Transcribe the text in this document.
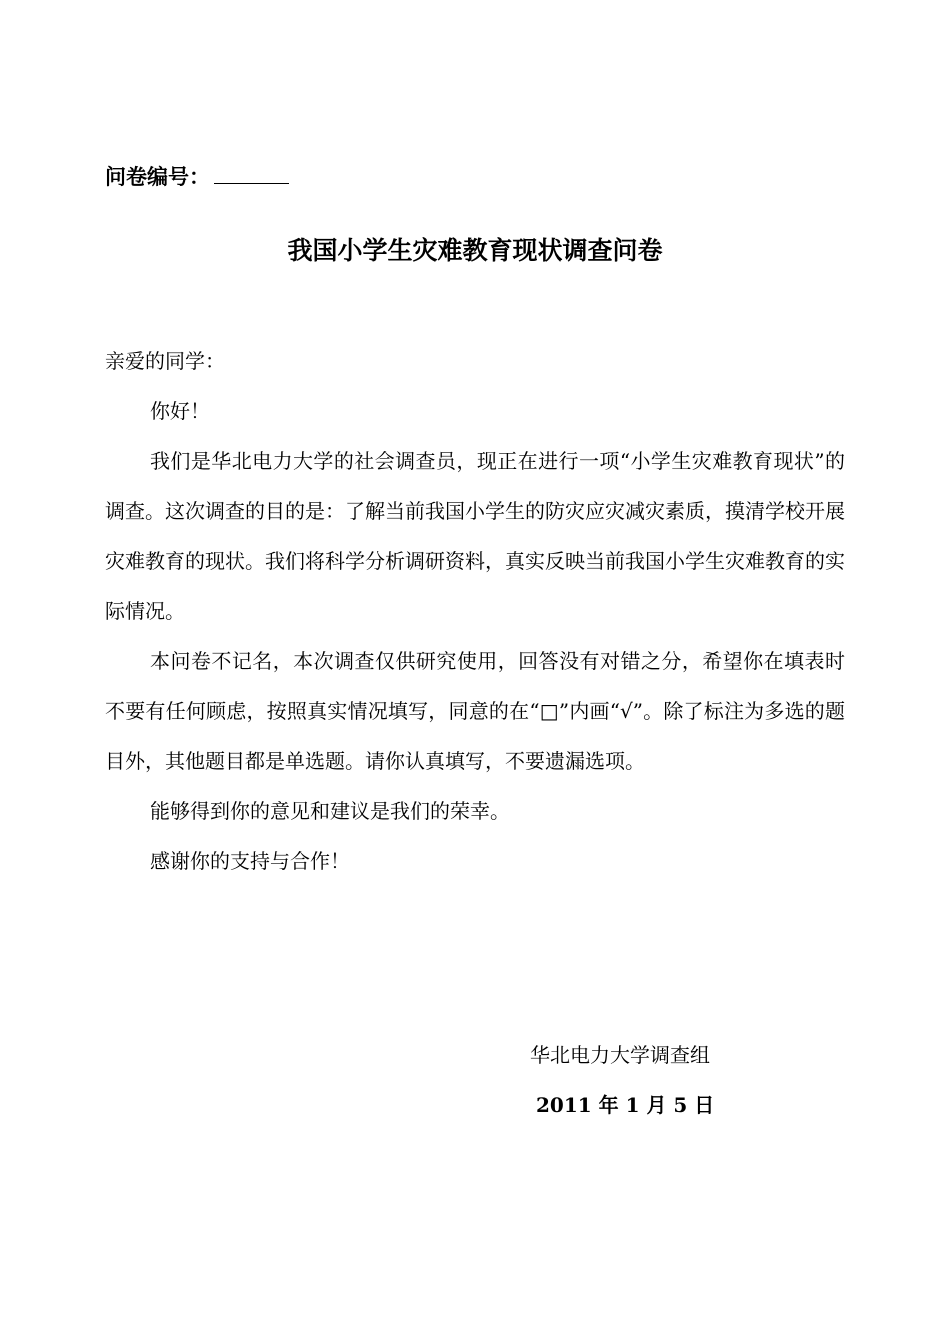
问卷编号：
我国小学生灾难教育现状调查问卷

亲爱的同学：

你好！

我们是华北电力大学的社会调查员，现正在进行一项“小学生灾难教育现状”的调查。这次调查的目的是：了解当前我国小学生的防灾应灾减灾素质，摸清学校开展灾难教育的现状。我们将科学分析调研资料，真实反映当前我国小学生灾难教育的实际情况。

本问卷不记名，本次调查仅供研究使用，回答没有对错之分，希望你在填表时不要有任何顾虑，按照真实情况填写，同意的在“□”内画“√”。除了标注为多选的题目外，其他题目都是单选题。请你认真填写，不要遗漏选项。

能够得到你的意见和建议是我们的荣幸。

感谢你的支持与合作！

华北电力大学调查组
2011 年 1 月 5 日
